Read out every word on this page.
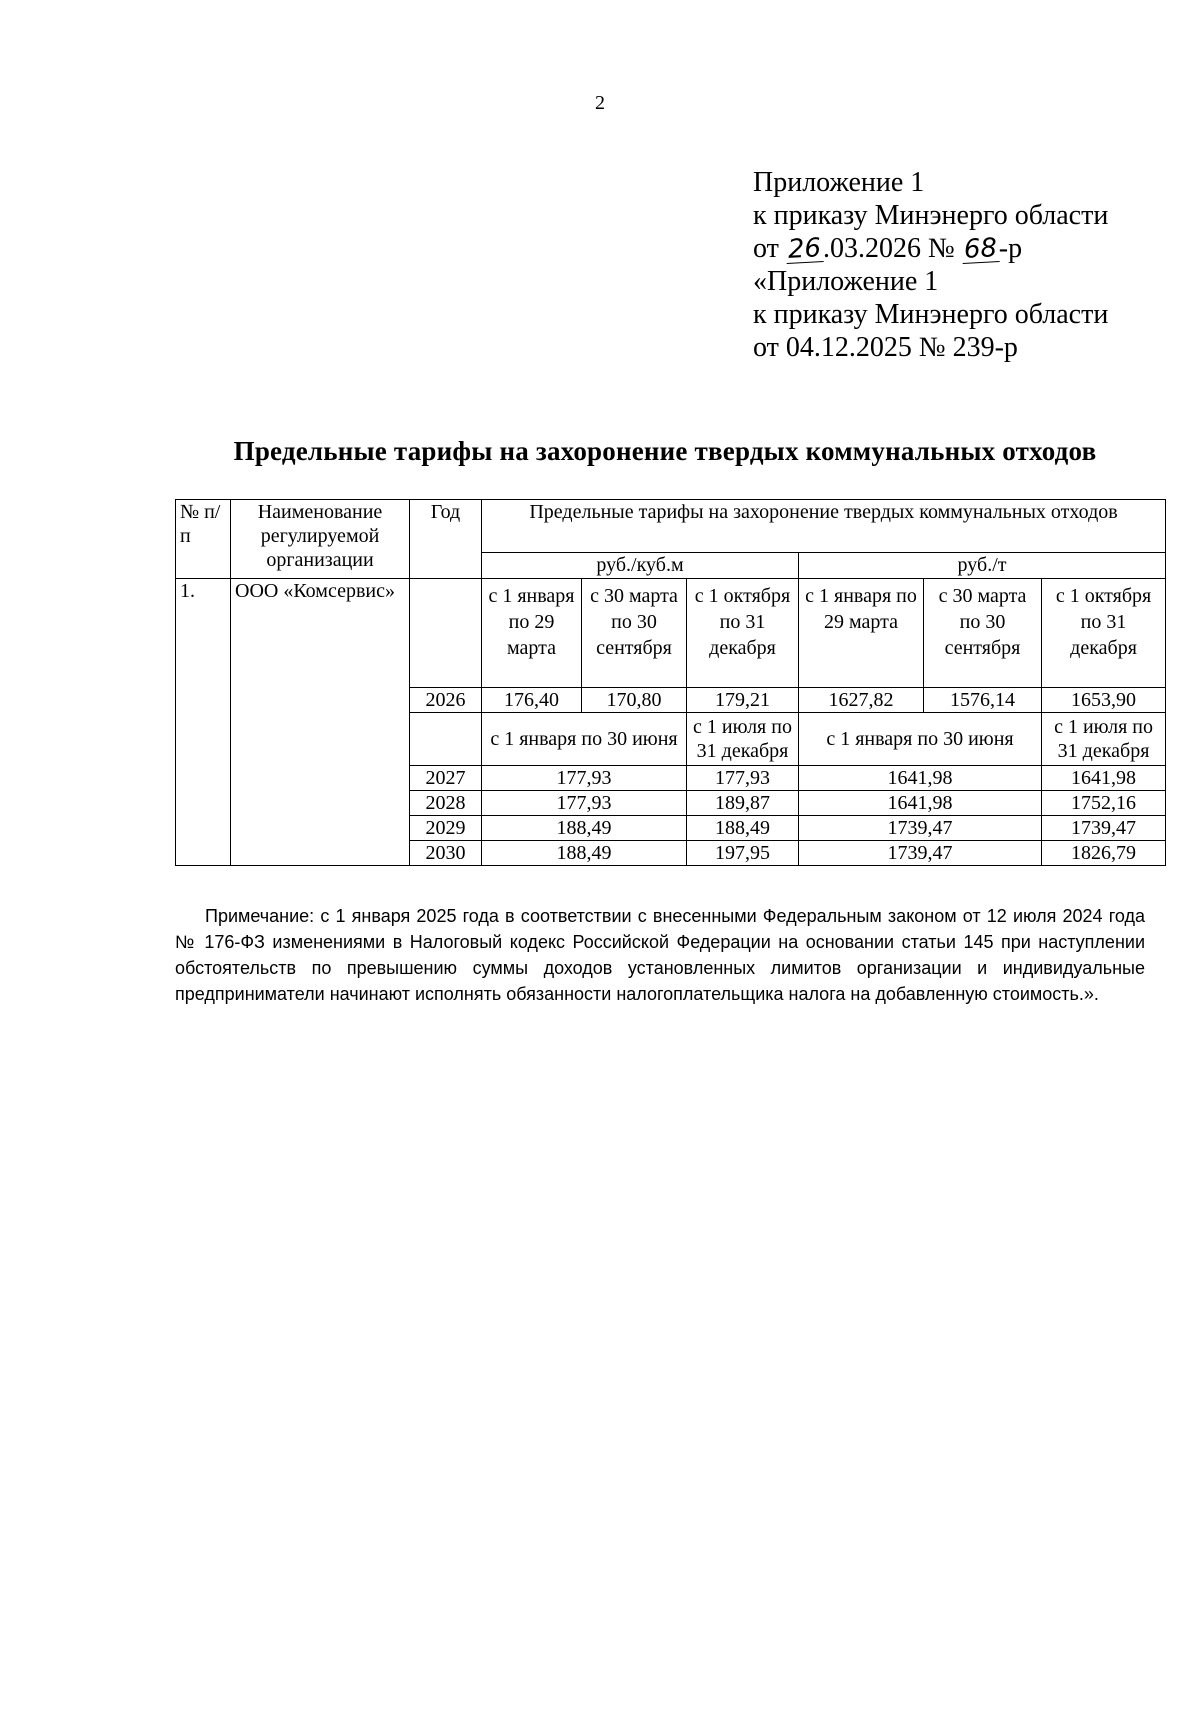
2
Приложение 1
к приказу Минэнерго области
от 26.03.2026 № 68-р
«Приложение 1
к приказу Минэнерго области
от 04.12.2025 № 239-р
Предельные тарифы на захоронение твердых коммунальных отходов
№ п/п	Наименование регулируемой организации	Год	Предельные тарифы на захоронение твердых коммунальных отходов					
			руб./куб.м			руб./т		
1.	ООО «Комсервис»		с 1 января по 29 марта	с 30 марта по 30 сентября	с 1 октября по 31 декабря	с 1 января по 29 марта	с 30 марта по 30 сентября	с 1 октября по 31 декабря
		2026	176,40	170,80	179,21	1627,82	1576,14	1653,90
			с 1 января по 30 июня		с 1 июля по 31 декабря	с 1 января по 30 июня		с 1 июля по 31 декабря
		2027	177,93		177,93	1641,98		1641,98
		2028	177,93		189,87	1641,98		1752,16
		2029	188,49		188,49	1739,47		1739,47
		2030	188,49		197,95	1739,47		1826,79
Примечание: с 1 января 2025 года в соответствии с внесенными Федеральным законом от 12 июля 2024 года № 176-ФЗ изменениями в Налоговый кодекс Российской Федерации на основании статьи 145 при наступлении обстоятельств по превышению суммы доходов установленных лимитов организации и индивидуальные предприниматели начинают исполнять обязанности налогоплательщика налога на добавленную стоимость.».
